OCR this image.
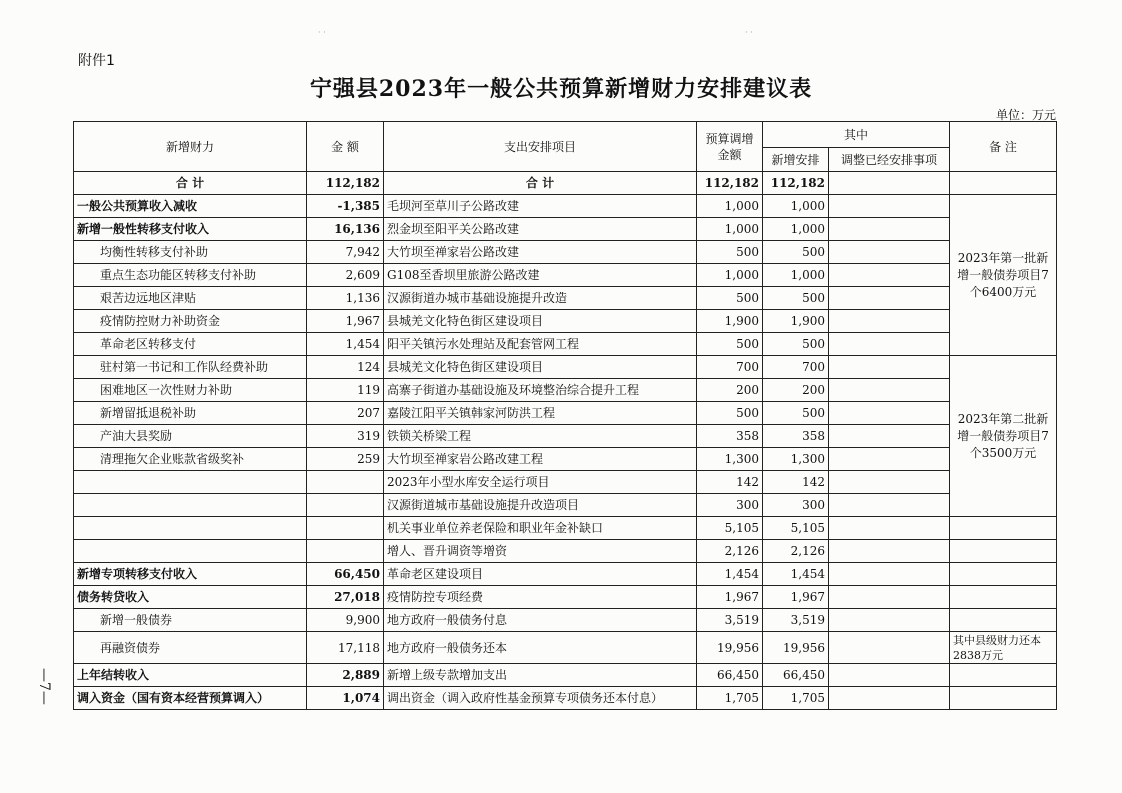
附件1
宁强县2023年一般公共预算新增财力安排建议表
单位：万元
—7—
· ·	· ·
新增财力	金 额	支出安排项目	预算调增金额	其中		备 注
				新增安排	调整已经安排事项	
合 计	112,182	合 计	112,182	112,182		
一般公共预算收入减收	-1,385	毛坝河至草川子公路改建	1,000	1,000		2023年第一批新增一般债券项目7个6400万元
新增一般性转移支付收入	16,136	烈金坝至阳平关公路改建	1,000	1,000		
均衡性转移支付补助	7,942	大竹坝至禅家岩公路改建	500	500		
重点生态功能区转移支付补助	2,609	G108至香坝里旅游公路改建	1,000	1,000		
艰苦边远地区津贴	1,136	汉源街道办城市基础设施提升改造	500	500		
疫情防控财力补助资金	1,967	县城羌文化特色街区建设项目	1,900	1,900		
革命老区转移支付	1,454	阳平关镇污水处理站及配套管网工程	500	500		
驻村第一书记和工作队经费补助	124	县城羌文化特色街区建设项目	700	700		2023年第二批新增一般债券项目7个3500万元
困难地区一次性财力补助	119	高寨子街道办基础设施及环境整治综合提升工程	200	200		
新增留抵退税补助	207	嘉陵江阳平关镇韩家河防洪工程	500	500		
产油大县奖励	319	铁锁关桥梁工程	358	358		
清理拖欠企业账款省级奖补	259	大竹坝至禅家岩公路改建工程	1,300	1,300		
		2023年小型水库安全运行项目	142	142		
		汉源街道城市基础设施提升改造项目	300	300		
		机关事业单位养老保险和职业年金补缺口	5,105	5,105		
		增人、晋升调资等增资	2,126	2,126		
新增专项转移支付收入	66,450	革命老区建设项目	1,454	1,454		
债务转贷收入	27,018	疫情防控专项经费	1,967	1,967		
新增一般债券	9,900	地方政府一般债务付息	3,519	3,519		
再融资债券	17,118	地方政府一般债务还本	19,956	19,956		其中县级财力还本2838万元
上年结转收入	2,889	新增上级专款增加支出	66,450	66,450		
调入资金（国有资本经营预算调入）	1,074	调出资金（调入政府性基金预算专项债务还本付息）	1,705	1,705		
